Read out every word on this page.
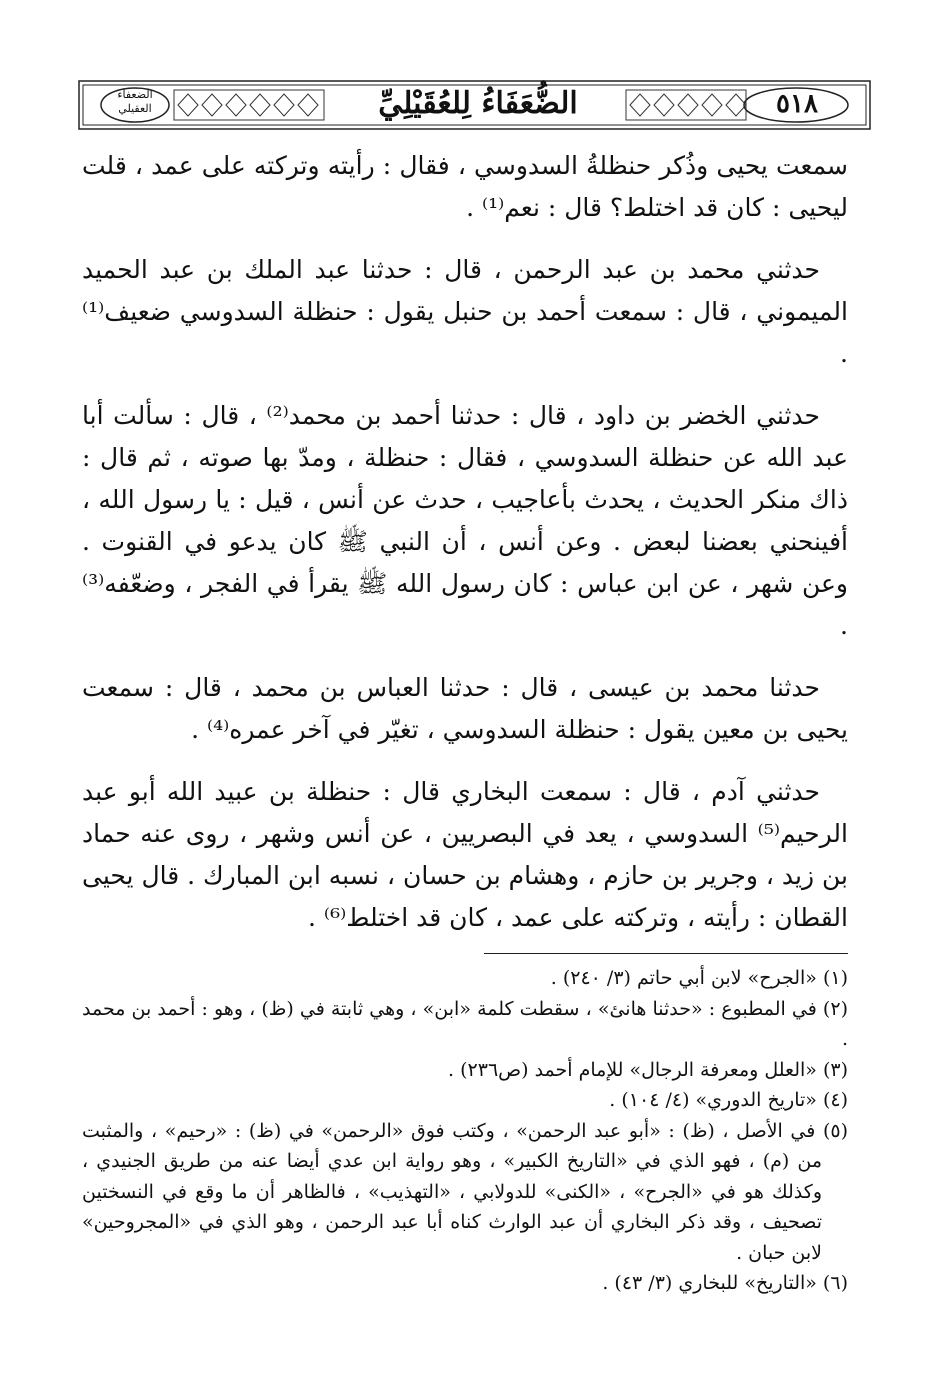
٥١٨
الضُّعَفَاءُ لِلعُقَيْلِيِّ
الضعفاء العقيلي

سمعت يحيى وذُكر حنظلةُ السدوسي ، فقال : رأيته وتركته على عمد ، قلت ليحيى : كان قد اختلط؟ قال : نعم⁽¹⁾ .

حدثني محمد بن عبد الرحمن ، قال : حدثنا عبد الملك بن عبد الحميد الميموني ، قال : سمعت أحمد بن حنبل يقول : حنظلة السدوسي ضعيف⁽¹⁾ .

حدثني الخضر بن داود ، قال : حدثنا أحمد بن محمد⁽²⁾ ، قال : سألت أبا عبد الله عن حنظلة السدوسي ، فقال : حنظلة ، ومدّ بها صوته ، ثم قال : ذاك منكر الحديث ، يحدث بأعاجيب ، حدث عن أنس ، قيل : يا رسول الله ، أفينحني بعضنا لبعض . وعن أنس ، أن النبي ﷺ كان يدعو في القنوت . وعن شهر ، عن ابن عباس : كان رسول الله ﷺ يقرأ في الفجر ، وضعّفه⁽³⁾ .

حدثنا محمد بن عيسى ، قال : حدثنا العباس بن محمد ، قال : سمعت يحيى بن معين يقول : حنظلة السدوسي ، تغيّر في آخر عمره⁽⁴⁾ .

حدثني آدم ، قال : سمعت البخاري قال : حنظلة بن عبيد الله أبو عبد الرحيم⁽⁵⁾ السدوسي ، يعد في البصريين ، عن أنس وشهر ، روى عنه حماد بن زيد ، وجرير بن حازم ، وهشام بن حسان ، نسبه ابن المبارك . قال يحيى القطان : رأيته ، وتركته على عمد ، كان قد اختلط⁽⁶⁾ .

(١) «الجرح» لابن أبي حاتم (٣/ ٢٤٠) .

(٢) في المطبوع : «حدثنا هانئ» ، سقطت كلمة «ابن» ، وهي ثابتة في (ظ) ، وهو : أحمد بن محمد .

(٣) «العلل ومعرفة الرجال» للإمام أحمد (ص٢٣٦) .

(٤) «تاريخ الدوري» (٤/ ١٠٤) .

(٥) في الأصل ، (ظ) : «أبو عبد الرحمن» ، وكتب فوق «الرحمن» في (ظ) : «رحيم» ، والمثبت من (م) ، فهو الذي في «التاريخ الكبير» ، وهو رواية ابن عدي أيضا عنه من طريق الجنيدي ، وكذلك هو في «الجرح» ، «الكنى» للدولابي ، «التهذيب» ، فالظاهر أن ما وقع في النسختين تصحيف ، وقد ذكر البخاري أن عبد الوارث كناه أبا عبد الرحمن ، وهو الذي في «المجروحين» لابن حبان .

(٦) «التاريخ» للبخاري (٣/ ٤٣) .
